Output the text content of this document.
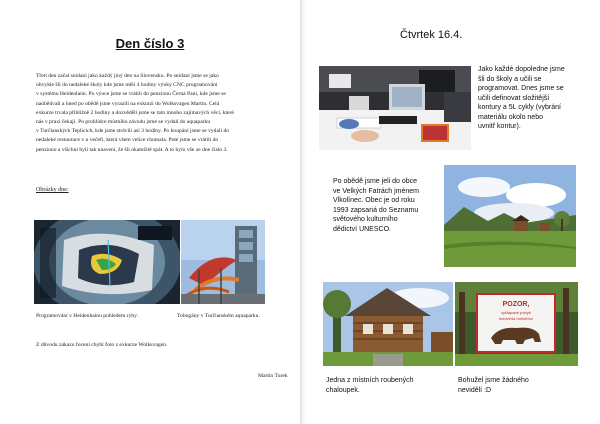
Den číslo 3

Třetí den začal snídaní jako každý jiný den na Slovensku. Po snídani jsme se jako

obvykle šli do nedaleké školy kde jsme měli 4 hodiny výuky CNC programování

v systému Heidenhein. Po výuce jsme se vrátili do penzionu Černá Paní, kde jsme se

naobědvali a hned po obědě jsme vyrazili na exkurzi do Wolksvagen Martin. Celá

exkurze trvala přibližně 2 hodiny a dozvěděli jsme se tam mnoho zajímavých věcí, které

nás v praxi čekají. Po prohlídce místního závodu jsme se vydali do aquaparku

v Turčianských Teplicích, kde jsme strávili asi 3 hodiny. Po koupání jsme se vydali do

nedaleké restaurace v u večeři, která všem velice chutnala. Poté jsme se vrátili do

penzionu a všichni byli tak unavení, že šli okamžitě spát. A to bylo vše ze dne číslo 3.

Obrázky dne:
Programování v Heidenhainu pohledem ryby.	Tobogány v Turčianském aquaparku.
Z důvodu zákazu focení chybí foto z exkurze Wolksvagen.
Martin Turek
Čtvrtek 16.4.
Jako každé dopoledne jsme
šli do školy a učili se
programovat. Dnes jsme se
učili definovat složitější
kontury a 5L cykly (vybrání
materiálu okolo nebo
uvnitř kontur).
Po obědě jsme jeli do obce
ve Velkých Fatrách jménem
Vlkolínec. Obec je od roku
1993 zapsaná do Seznamu
světového kulturního
dědictví UNESCO.
POZOR,
vyšlapané pohyb
medvěda hnědého!
Jedna z místních roubených
chaloupek.
Bohužel jsme žádného
nevidělí :D
